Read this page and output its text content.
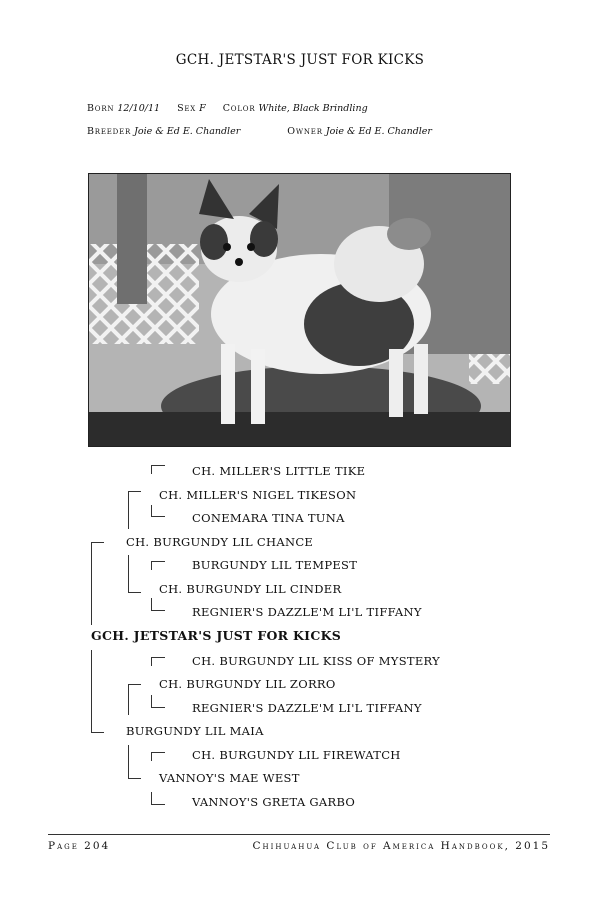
GCH. JETSTAR'S JUST FOR KICKS
Born 12/10/11 Sex F Color White, Black Brindling
Breeder Joie & Ed E. Chandler	Owner Joie & Ed E. Chandler
CH. MILLER'S LITTLE TIKE
CH. MILLER'S NIGEL TIKESON
CONEMARA TINA TUNA
CH. BURGUNDY LIL CHANCE
BURGUNDY LIL TEMPEST
CH. BURGUNDY LIL CINDER
REGNIER'S DAZZLE'M LI'L TIFFANY
GCH. JETSTAR'S JUST FOR KICKS
CH. BURGUNDY LIL KISS OF MYSTERY
CH. BURGUNDY LIL ZORRO
REGNIER'S DAZZLE'M LI'L TIFFANY
BURGUNDY LIL MAIA
CH. BURGUNDY LIL FIREWATCH
VANNOY'S MAE WEST
VANNOY'S GRETA GARBO
Page 204	Chihuahua Club of America Handbook, 2015
